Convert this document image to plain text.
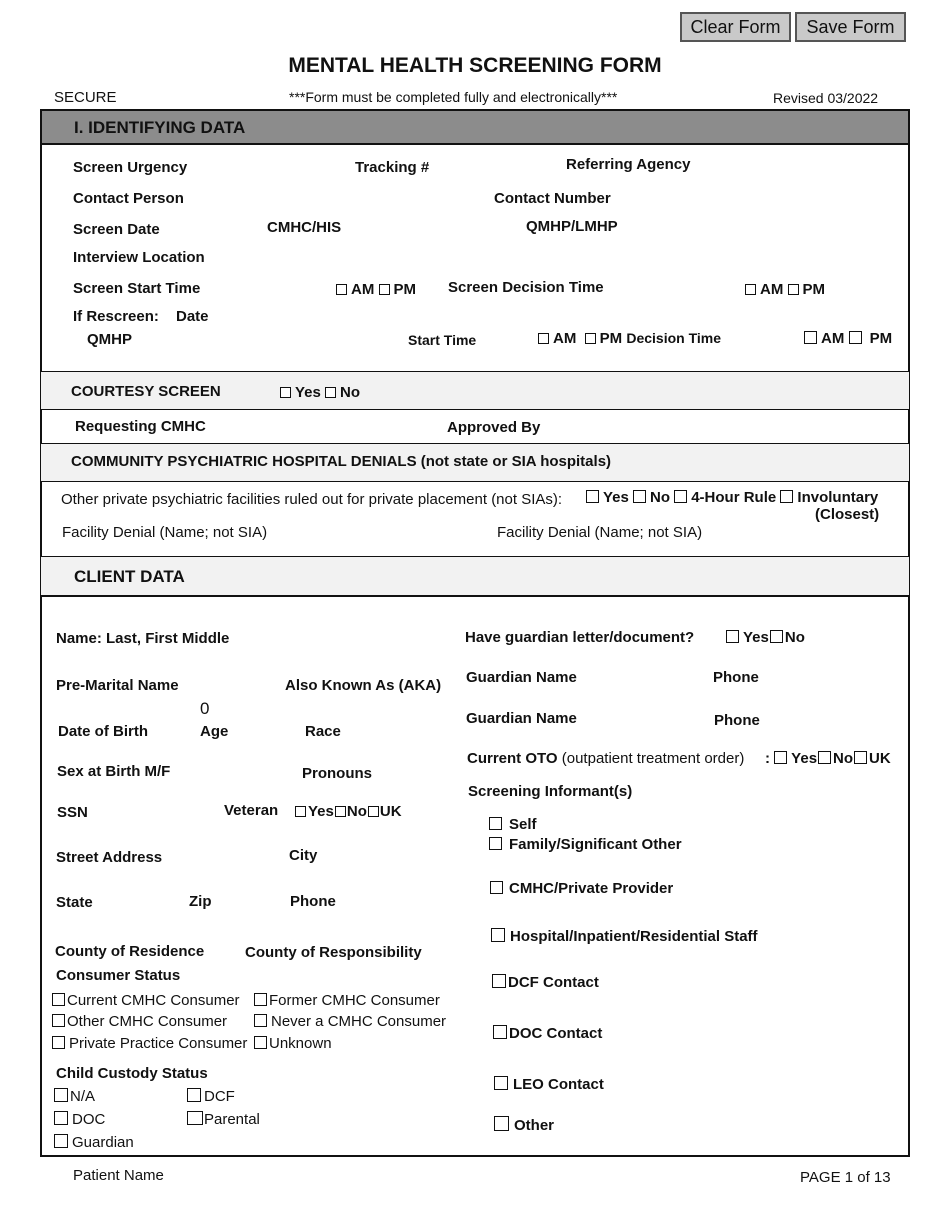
Clear Form	Save Form
MENTAL HEALTH SCREENING FORM
SECURE	***Form must be completed fully and electronically***	Revised 03/2022
I. IDENTIFYING DATA
Screen Urgency	Tracking #	Referring Agency
Contact Person	Contact Number
Screen Date	CMHC/HIS	QMHP/LMHP
Interview Location
Screen Start Time	AM PM Screen Decision Time	AM PM
If Rescreen: Date
QMHP	Start Time	AM PM Decision Time	AM PM
COURTESY SCREEN	Yes No
Requesting CMHC	Approved By
COMMUNITY PSYCHIATRIC HOSPITAL DENIALS (not state or SIA hospitals)
Other private psychiatric facilities ruled out for private placement (not SIAs):	Yes No 4-Hour Rule Involuntary
(Closest)
Facility Denial (Name; not SIA)	Facility Denial (Name; not SIA)
CLIENT DATA
Name: Last, First Middle
Pre-Marital Name	Also Known As (AKA)
0
Date of Birth	Age	Race
Sex at Birth M/F	Pronouns
SSN	Veteran	Yes No UK
Street Address	City
State	Zip	Phone
County of Residence	County of Responsibility
Consumer Status
Current CMHC Consumer	Former CMHC Consumer
Other CMHC Consumer	Never a CMHC Consumer
Private Practice Consumer	Unknown
Child Custody Status
N/A	DCF
DOC	Parental
Guardian
Have guardian letter/document?	Yes No
Guardian Name	Phone
Guardian Name	Phone
Current OTO (outpatient treatment order) : Yes No UK
Screening Informant(s)
Self
Family/Significant Other
CMHC/Private Provider
Hospital/Inpatient/Residential Staff
DCF Contact
DOC Contact
LEO Contact
Other
Patient Name	PAGE 1 of 13
